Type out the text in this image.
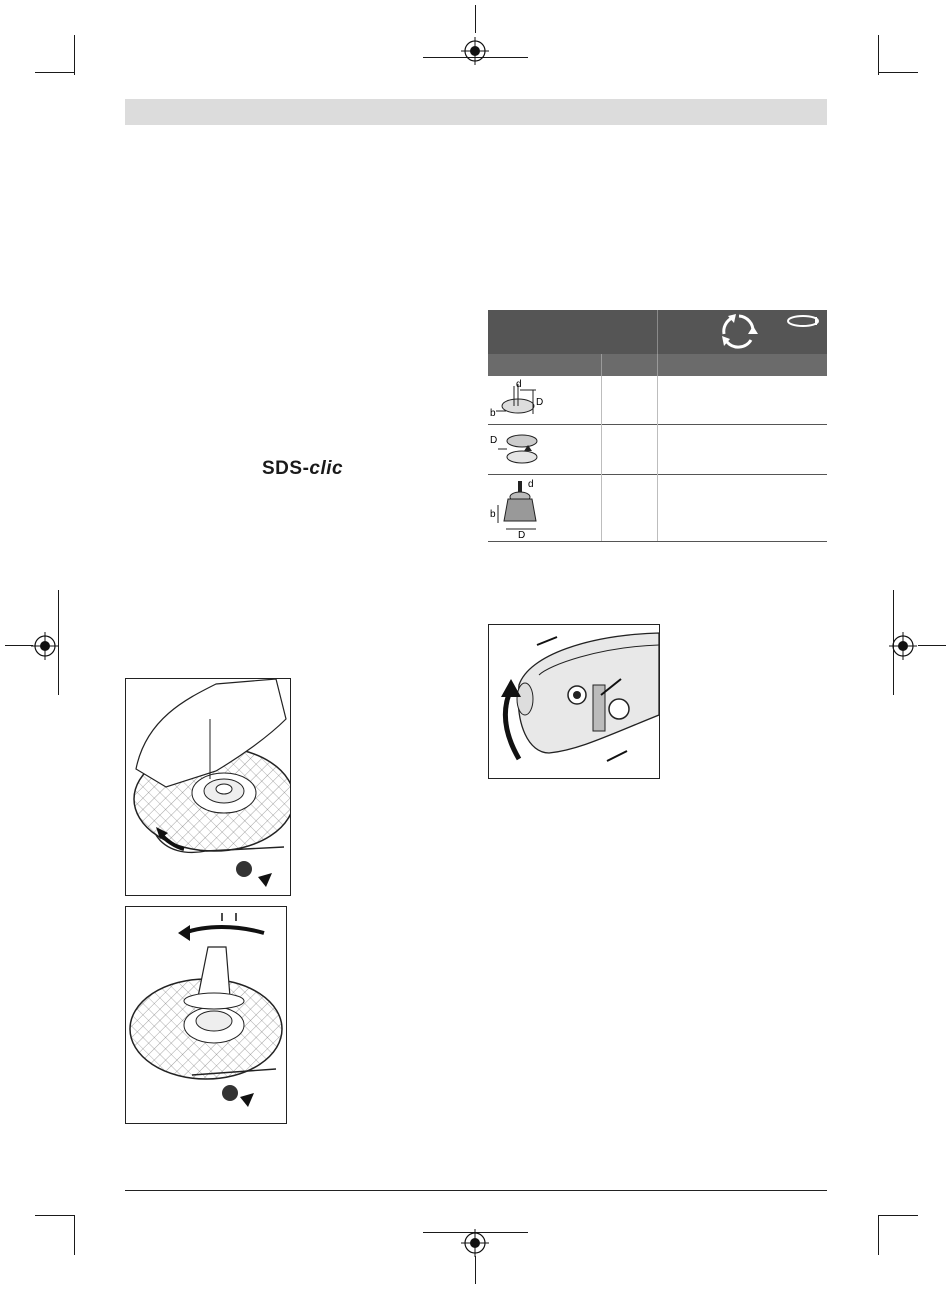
SDS-clic
d
D
b
D
d
b
D
